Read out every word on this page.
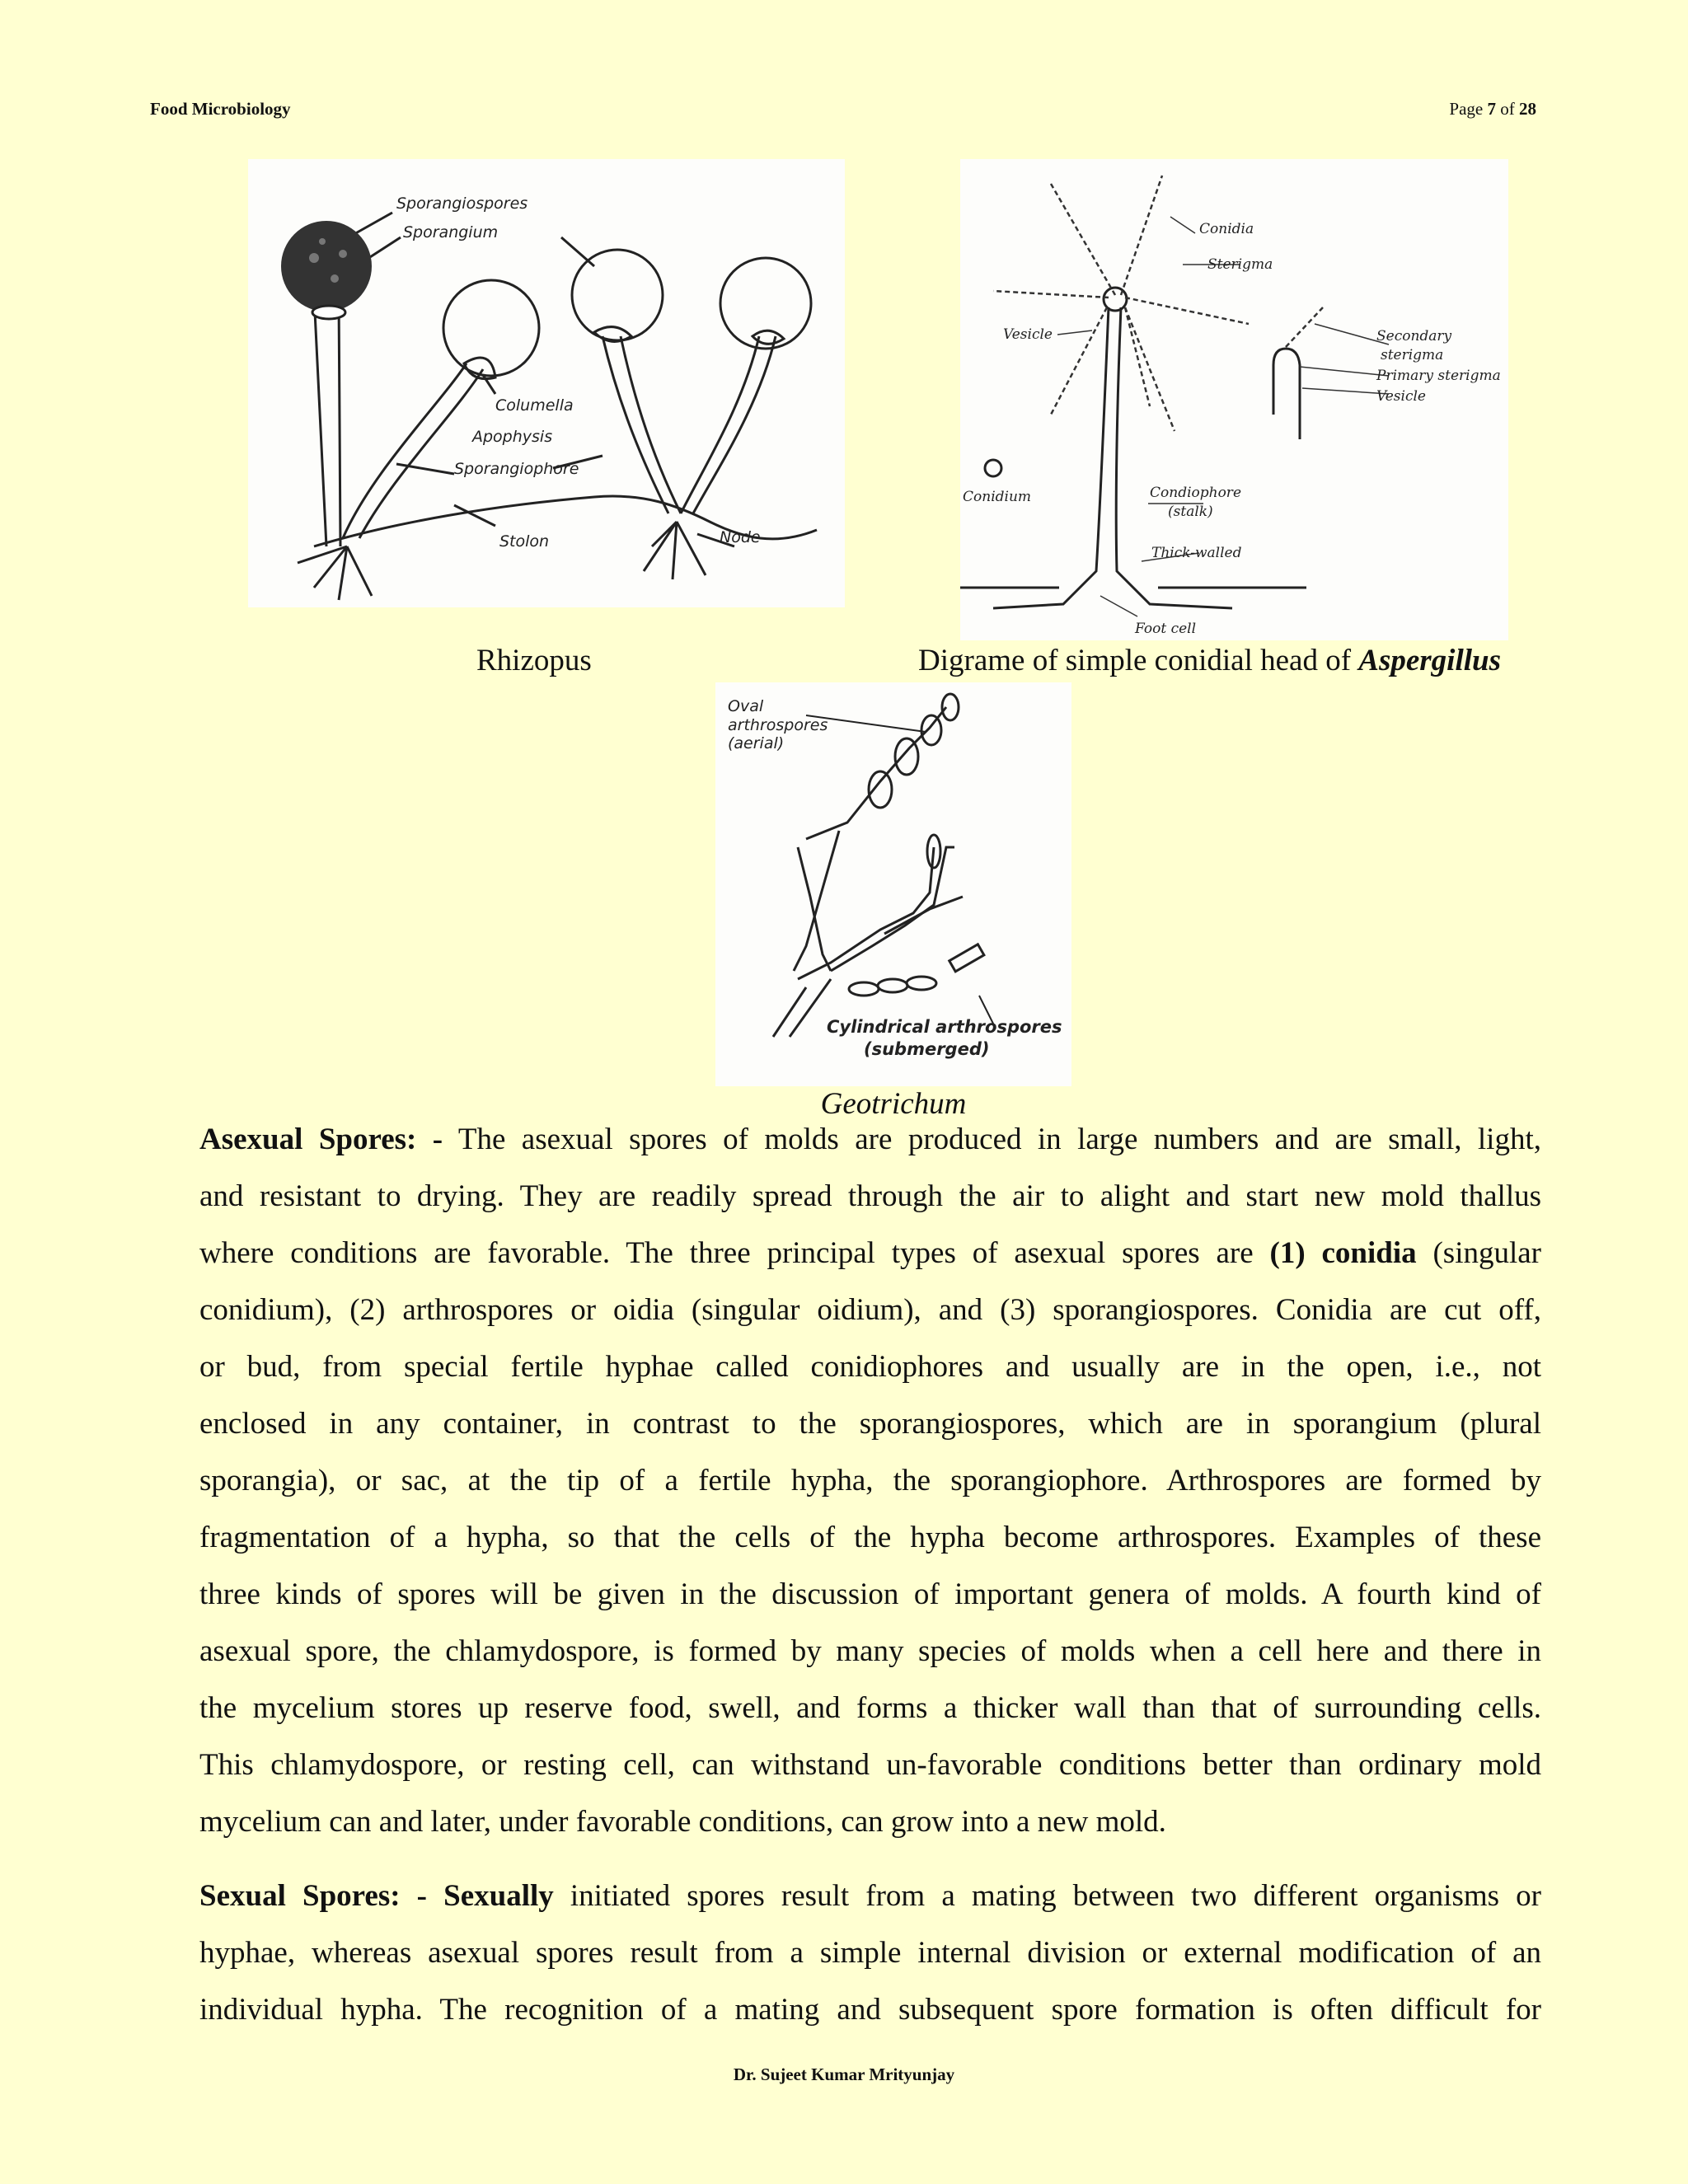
Food Microbiology	Page 7 of 28
Sporangiospores
Sporangium
Columella
Apophysis
Sporangiophore
Stolon	Node
Conidia
Sterigma
Vesicle	Secondary
sterigma
Primary sterigma
Vesicle
Conidium	Condiophore
(stalk)
Thick-walled
Foot cell
Rhizopus	Digrame of simple conidial head of Aspergillus
Oval
arthrospores
(aerial)
Cylindrical arthrospores
(submerged)
Geotrichum
Asexual Spores: - The asexual spores of molds are produced in large numbers and are small, light,
and resistant to drying. They are readily spread through the air to alight and start new mold thallus
where conditions are favorable. The three principal types of asexual spores are (1) conidia (singular
conidium), (2) arthrospores or oidia (singular oidium), and (3) sporangiospores. Conidia are cut off,
or bud, from special fertile hyphae called conidiophores and usually are in the open, i.e., not
enclosed in any container, in contrast to the sporangiospores, which are in sporangium (plural
sporangia), or sac, at the tip of a fertile hypha, the sporangiophore. Arthrospores are formed by
fragmentation of a hypha, so that the cells of the hypha become arthrospores. Examples of these
three kinds of spores will be given in the discussion of important genera of molds. A fourth kind of
asexual spore, the chlamydospore, is formed by many species of molds when a cell here and there in
the mycelium stores up reserve food, swell, and forms a thicker wall than that of surrounding cells.
This chlamydospore, or resting cell, can withstand un-favorable conditions better than ordinary mold
mycelium can and later, under favorable conditions, can grow into a new mold.
Sexual Spores: - Sexually initiated spores result from a mating between two different organisms or
hyphae, whereas asexual spores result from a simple internal division or external modification of an
individual hypha. The recognition of a mating and subsequent spore formation is often difficult for
Dr. Sujeet Kumar Mrityunjay
